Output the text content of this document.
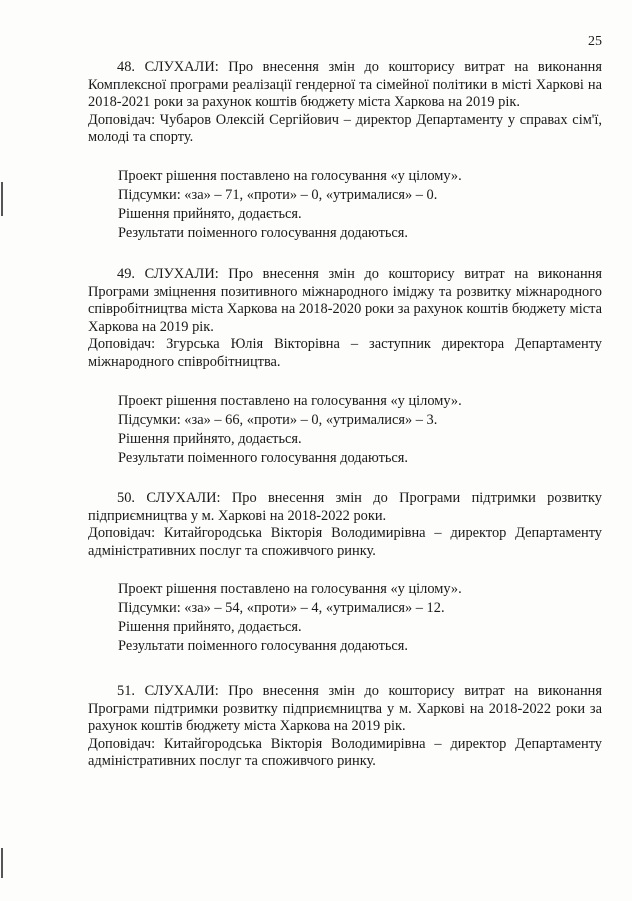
25

48. СЛУХАЛИ: Про внесення змін до кошторису витрат на виконання Комплексної програми реалізації гендерної та сімейної політики в місті Харкові на 2018-2021 роки за рахунок коштів бюджету міста Харкова на 2019 рік.

Доповідач: Чубаров Олексій Сергійович – директор Департаменту у справах сім'ї, молоді та спорту.

Проект рішення поставлено на голосування «у цілому».

Підсумки: «за» – 71, «проти» – 0, «утрималися» – 0.

Рішення прийнято, додається.

Результати поіменного голосування додаються.

49. СЛУХАЛИ: Про внесення змін до кошторису витрат на виконання Програми зміцнення позитивного міжнародного іміджу та розвитку міжнародного співробітництва міста Харкова на 2018-2020 роки за рахунок коштів бюджету міста Харкова на 2019 рік.

Доповідач: Згурська Юлія Вікторівна – заступник директора Департаменту міжнародного співробітництва.

Проект рішення поставлено на голосування «у цілому».

Підсумки: «за» – 66, «проти» – 0, «утрималися» – 3.

Рішення прийнято, додається.

Результати поіменного голосування додаються.

50. СЛУХАЛИ: Про внесення змін до Програми підтримки розвитку підприємництва у м. Харкові на 2018-2022 роки.

Доповідач: Китайгородська Вікторія Володимирівна – директор Департаменту адміністративних послуг та споживчого ринку.

Проект рішення поставлено на голосування «у цілому».

Підсумки: «за» – 54, «проти» – 4, «утрималися» – 12.

Рішення прийнято, додається.

Результати поіменного голосування додаються.

51. СЛУХАЛИ: Про внесення змін до кошторису витрат на виконання Програми підтримки розвитку підприємництва у м. Харкові на 2018-2022 роки за рахунок коштів бюджету міста Харкова на 2019 рік.

Доповідач: Китайгородська Вікторія Володимирівна – директор Департаменту адміністративних послуг та споживчого ринку.
